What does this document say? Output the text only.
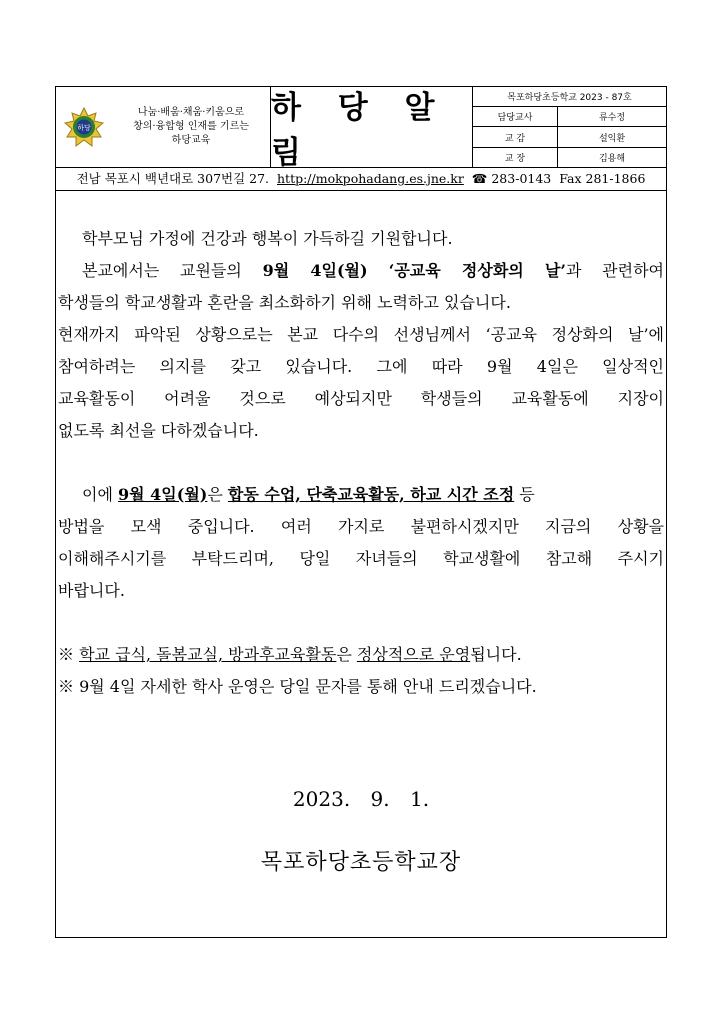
하당
나눔·배움·채움·키움으로
창의·융합형 인재를 기르는
하당교육
하 당 알 림
목포하당초등학교 2023 - 87호	
담당교사	류수정
교 감	설익환
교 장	김용해
전남 목포시 백년대로 307번길 27. http://mokpohadang.es.jne.kr ☎ 283-0143 Fax 281-1866
학부모님 가정에 건강과 행복이 가득하길 기원합니다.
본교에서는 교원들의 9월 4일(월) ‘공교육 정상화의 날’과 관련하여
학생들의 학교생활과 혼란을 최소화하기 위해 노력하고 있습니다.
현재까지 파악된 상황으로는 본교 다수의 선생님께서 ‘공교육 정상화의 날’에
참여하려는 의지를 갖고 있습니다. 그에 따라 9월 4일은 일상적인
교육활동이 어려울 것으로 예상되지만 학생들의 교육활동에 지장이
없도록 최선을 다하겠습니다.
이에 9월 4일(월)은 합동 수업, 단축교육활동, 하교 시간 조정 등
방법을 모색 중입니다. 여러 가지로 불편하시겠지만 지금의 상황을
이해해주시기를 부탁드리며, 당일 자녀들의 학교생활에 참고해 주시기
바랍니다.
※ 학교 급식, 돌봄교실, 방과후교육활동은 정상적으로 운영됩니다.
※ 9월 4일 자세한 학사 운영은 당일 문자를 통해 안내 드리겠습니다.
2023. 9. 1.
목포하당초등학교장
